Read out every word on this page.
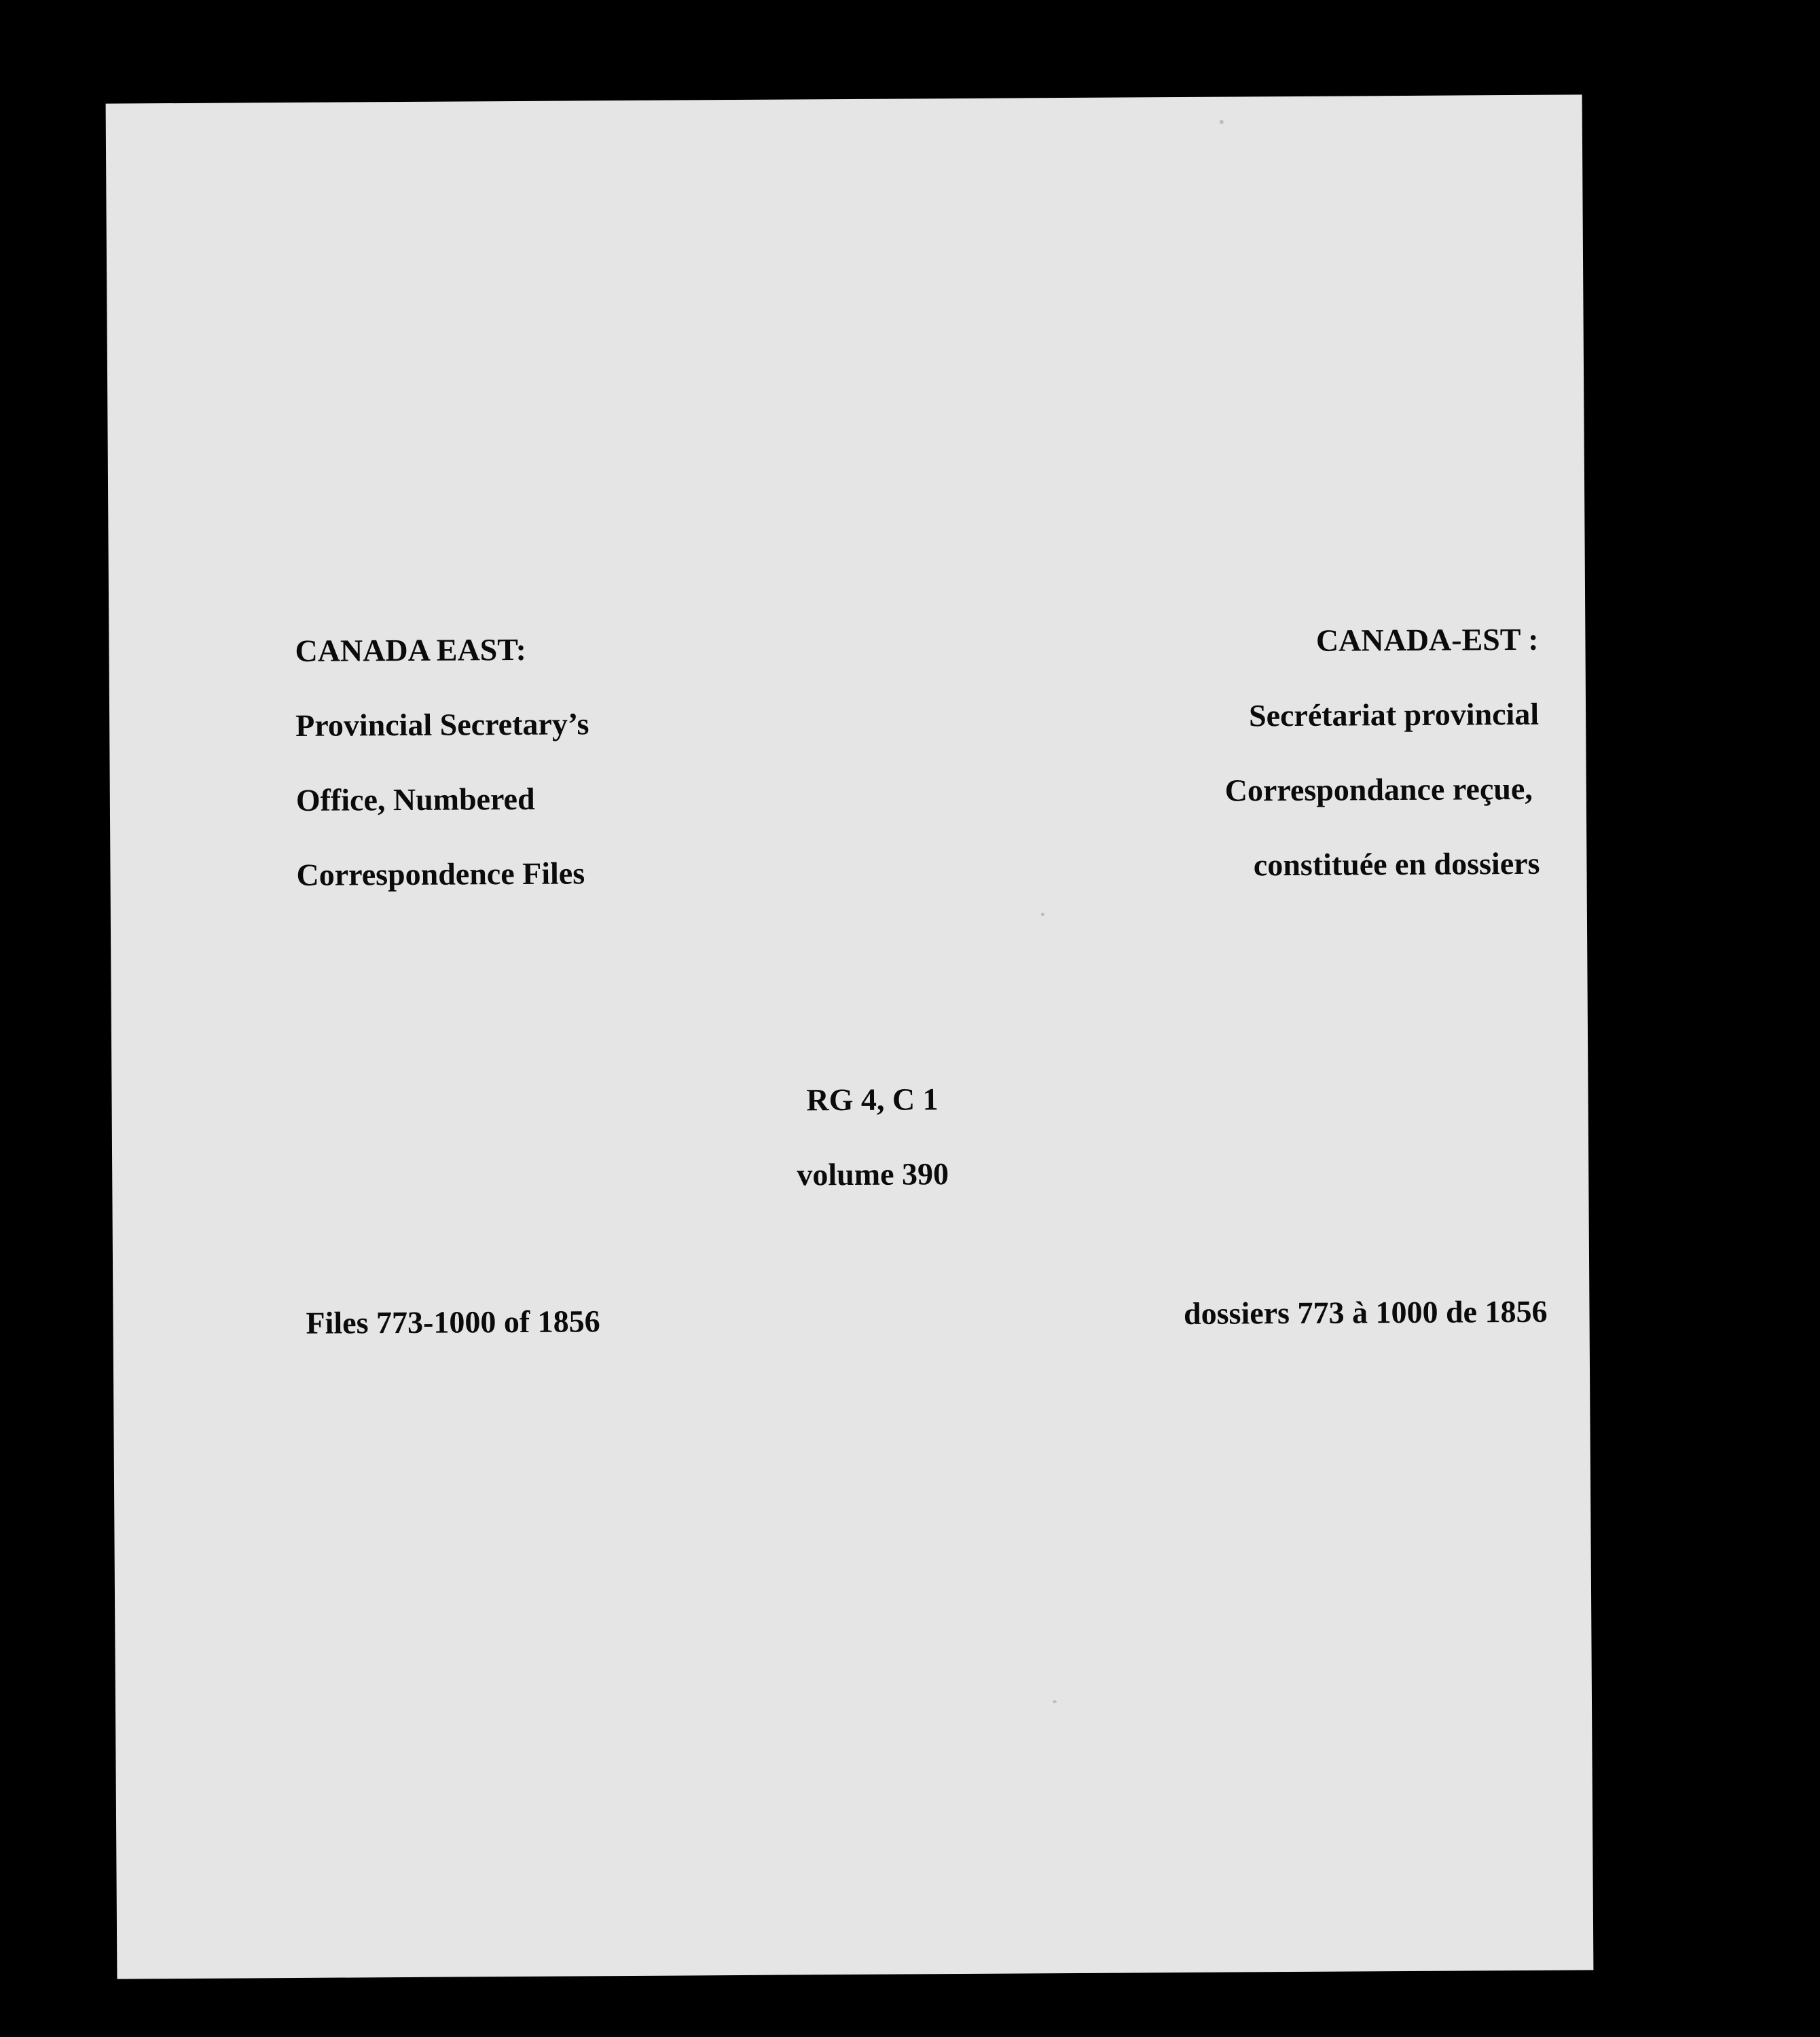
CANADA EAST:

Provincial Secretary’s

Office, Numbered

Correspondence Files

CANADA-EST :

Secrétariat provincial

Correspondance reçue,

constituée en dossiers

RG 4, C 1

volume 390

Files 773-1000 of 1856	dossiers 773 à 1000 de 1856
